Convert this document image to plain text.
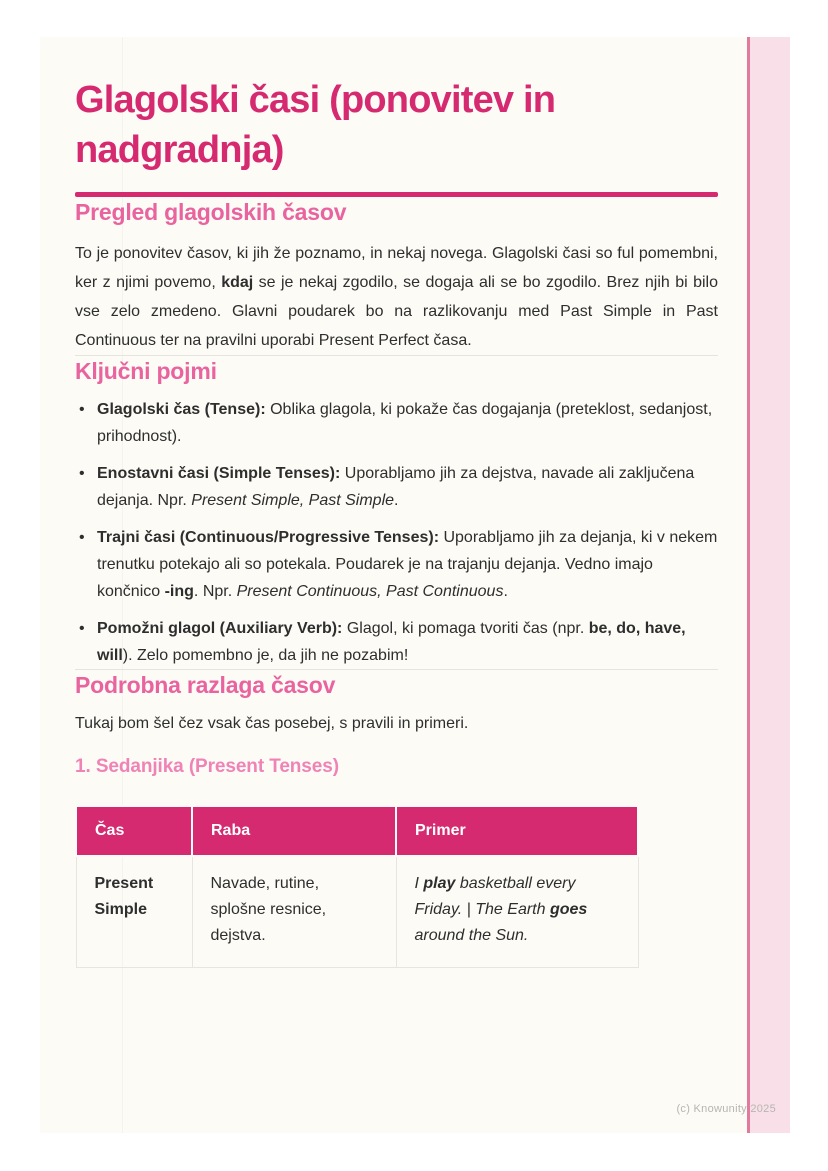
Glagolski časi (ponovitev in nadgradnja)
Pregled glagolskih časov

To je ponovitev časov, ki jih že poznamo, in nekaj novega. Glagolski časi so ful pomembni, ker z njimi povemo, kdaj se je nekaj zgodilo, se dogaja ali se bo zgodilo. Brez njih bi bilo vse zelo zmedeno. Glavni poudarek bo na razlikovanju med Past Simple in Past Continuous ter na pravilni uporabi Present Perfect časa.

Ključni pojmi
• Glagolski čas (Tense): Oblika glagola, ki pokaže čas dogajanja (preteklost, sedanjost, prihodnost).
• Enostavni časi (Simple Tenses): Uporabljamo jih za dejstva, navade ali zaključena dejanja. Npr. Present Simple, Past Simple.
• Trajni časi (Continuous/Progressive Tenses): Uporabljamo jih za dejanja, ki v nekem trenutku potekajo ali so potekala. Poudarek je na trajanju dejanja. Vedno imajo končnico -ing. Npr. Present Continuous, Past Continuous.
• Pomožni glagol (Auxiliary Verb): Glagol, ki pomaga tvoriti čas (npr. be, do, have, will). Zelo pomembno je, da jih ne pozabim!
Podrobna razlaga časov

Tukaj bom šel čez vsak čas posebej, s pravili in primeri.

1. Sedanjika (Present Tenses)
Čas	Raba	Primer
Present Simple	Navade, rutine, splošne resnice, dejstva.	I play basketball every Friday. | The Earth goes around the Sun.
(c) Knowunity 2025
